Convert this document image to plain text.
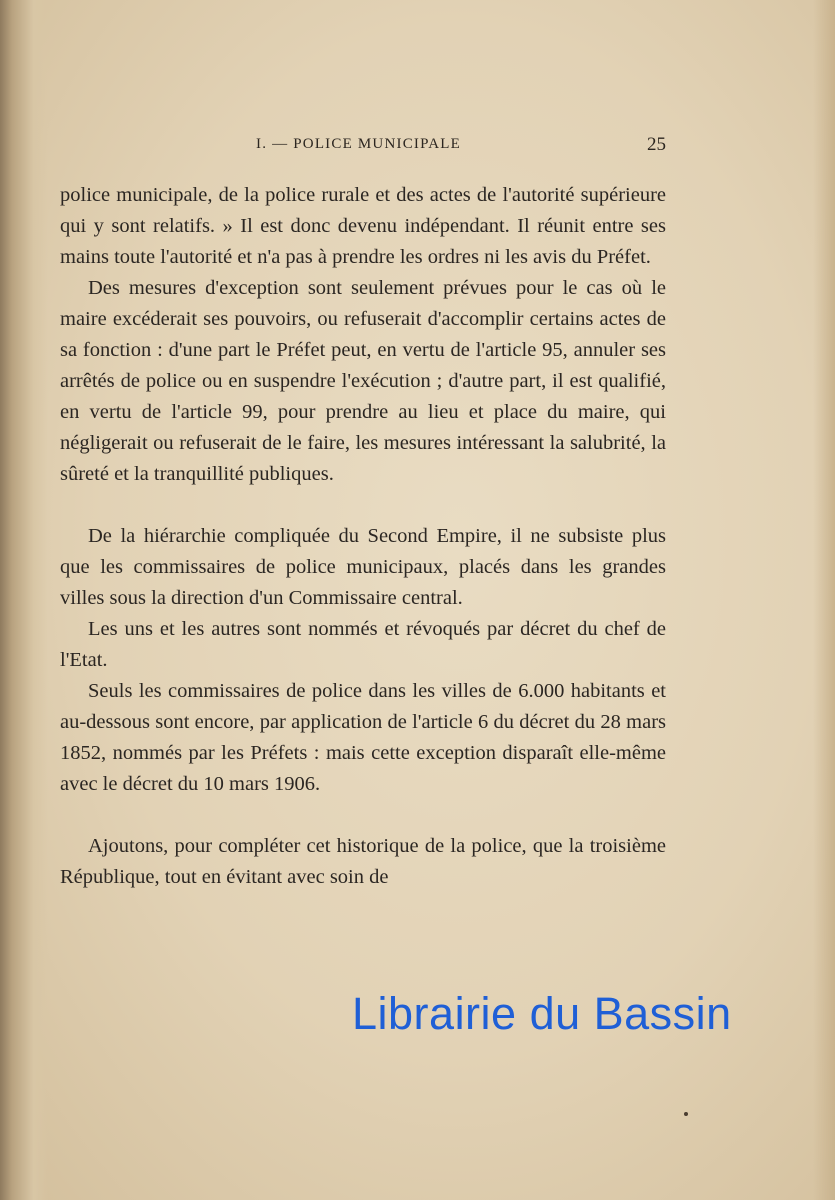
I. — POLICE MUNICIPALE	25

police municipale, de la police rurale et des actes de l'autorité supérieure qui y sont relatifs. » Il est donc devenu indépendant. Il réunit entre ses mains toute l'autorité et n'a pas à prendre les ordres ni les avis du Préfet.

Des mesures d'exception sont seulement prévues pour le cas où le maire excéderait ses pouvoirs, ou refuserait d'accomplir certains actes de sa fonction : d'une part le Préfet peut, en vertu de l'article 95, annuler ses arrêtés de police ou en suspendre l'exécution ; d'autre part, il est qualifié, en vertu de l'article 99, pour prendre au lieu et place du maire, qui négligerait ou refuserait de le faire, les mesures intéressant la salubrité, la sûreté et la tranquillité publiques.

De la hiérarchie compliquée du Second Empire, il ne subsiste plus que les commissaires de police municipaux, placés dans les grandes villes sous la direction d'un Commissaire central.

Les uns et les autres sont nommés et révoqués par décret du chef de l'Etat.

Seuls les commissaires de police dans les villes de 6.000 habitants et au-dessous sont encore, par application de l'article 6 du décret du 28 mars 1852, nommés par les Préfets : mais cette exception disparaît elle-même avec le décret du 10 mars 1906.

Ajoutons, pour compléter cet historique de la police, que la troisième République, tout en évitant avec soin de

Librairie du Bassin
